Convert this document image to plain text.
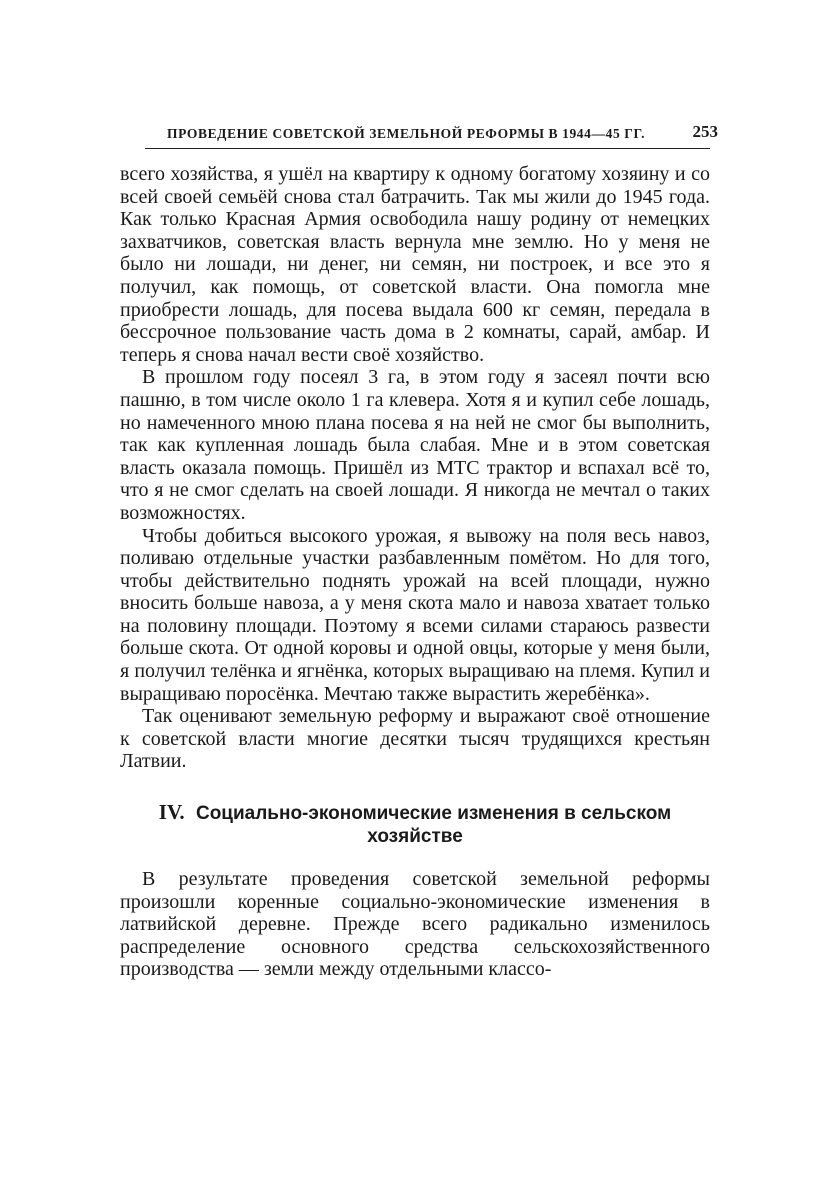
ПРОВЕДЕНИЕ СОВЕТСКОЙ ЗЕМЕЛЬНОЙ РЕФОРМЫ В 1944—45 ГГ.	253

всего хозяйства, я ушёл на квартиру к одному богатому хозяину и со всей своей семьёй снова стал батрачить. Так мы жили до 1945 года. Как только Красная Армия освободила нашу родину от немецких захватчиков, советская власть вернула мне землю. Но у меня не было ни лошади, ни денег, ни семян, ни построек, и все это я получил, как помощь, от советской власти. Она помогла мне приобрести лошадь, для посева выдала 600 кг семян, передала в бессрочное пользование часть дома в 2 комнаты, сарай, амбар. И теперь я снова начал вести своё хозяйство.

В прошлом году посеял 3 га, в этом году я засеял почти всю пашню, в том числе около 1 га клевера. Хотя я и купил себе лошадь, но намеченного мною плана посева я на ней не смог бы выполнить, так как купленная лошадь была слабая. Мне и в этом советская власть оказала помощь. Пришёл из МТС трактор и вспахал всё то, что я не смог сделать на своей лошади. Я никогда не мечтал о таких возможностях.

Чтобы добиться высокого урожая, я вывожу на поля весь навоз, поливаю отдельные участки разбавленным помётом. Но для того, чтобы действительно поднять урожай на всей площади, нужно вносить больше навоза, а у меня скота мало и навоза хватает только на половину площади. Поэтому я всеми силами стараюсь развести больше скота. От одной коровы и одной овцы, которые у меня были, я получил телёнка и ягнёнка, которых выращиваю на племя. Купил и выращиваю поросёнка. Мечтаю также вырастить жеребёнка».

Так оценивают земельную реформу и выражают своё отношение к советской власти многие десятки тысяч трудящихся крестьян Латвии.

IV. Социально-экономические изменения в сельском хозяйстве

В результате проведения советской земельной реформы произошли коренные социально-экономические изменения в латвийской деревне. Прежде всего радикально изменилось распределение основного средства сельскохозяйственного производства — земли между отдельными классо-
